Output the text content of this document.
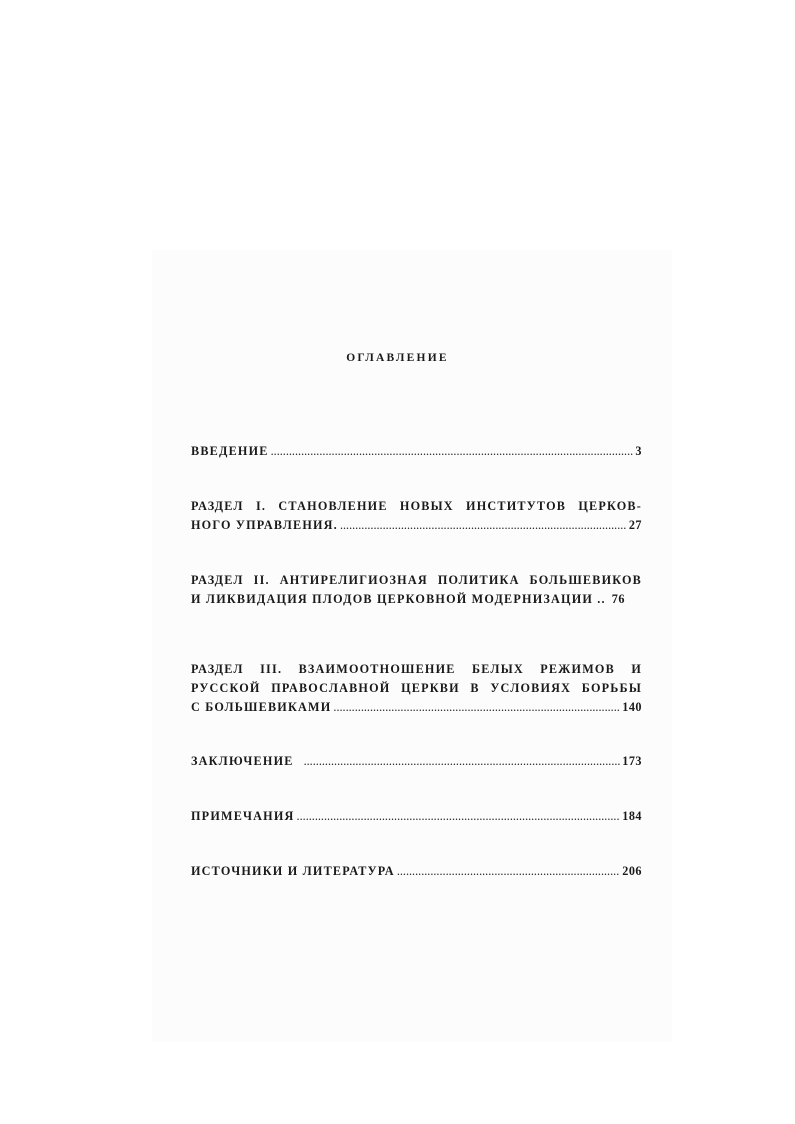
ОГЛАВЛЕНИЕ
ВВЕДЕНИЕ .....	3
РАЗДЕЛ I. СТАНОВЛЕНИЕ НОВЫХ ИНСТИТУТОВ ЦЕРКОВ-
НОГО УПРАВЛЕНИЯ. .....	27
РАЗДЕЛ II. АНТИРЕЛИГИОЗНАЯ ПОЛИТИКА БОЛЬШЕВИКОВ
И ЛИКВИДАЦИЯ ПЛОДОВ ЦЕРКОВНОЙ МОДЕРНИЗАЦИИ .. 76
РАЗДЕЛ III. ВЗАИМООТНОШЕНИЕ БЕЛЫХ РЕЖИМОВ И
РУССКОЙ ПРАВОСЛАВНОЙ ЦЕРКВИ В УСЛОВИЯХ БОРЬБЫ
С БОЛЬШЕВИКАМИ .....	140
ЗАКЛЮЧЕНИЕ .....	173
ПРИМЕЧАНИЯ .....	184
ИСТОЧНИКИ И ЛИТЕРАТУРА .....	206
